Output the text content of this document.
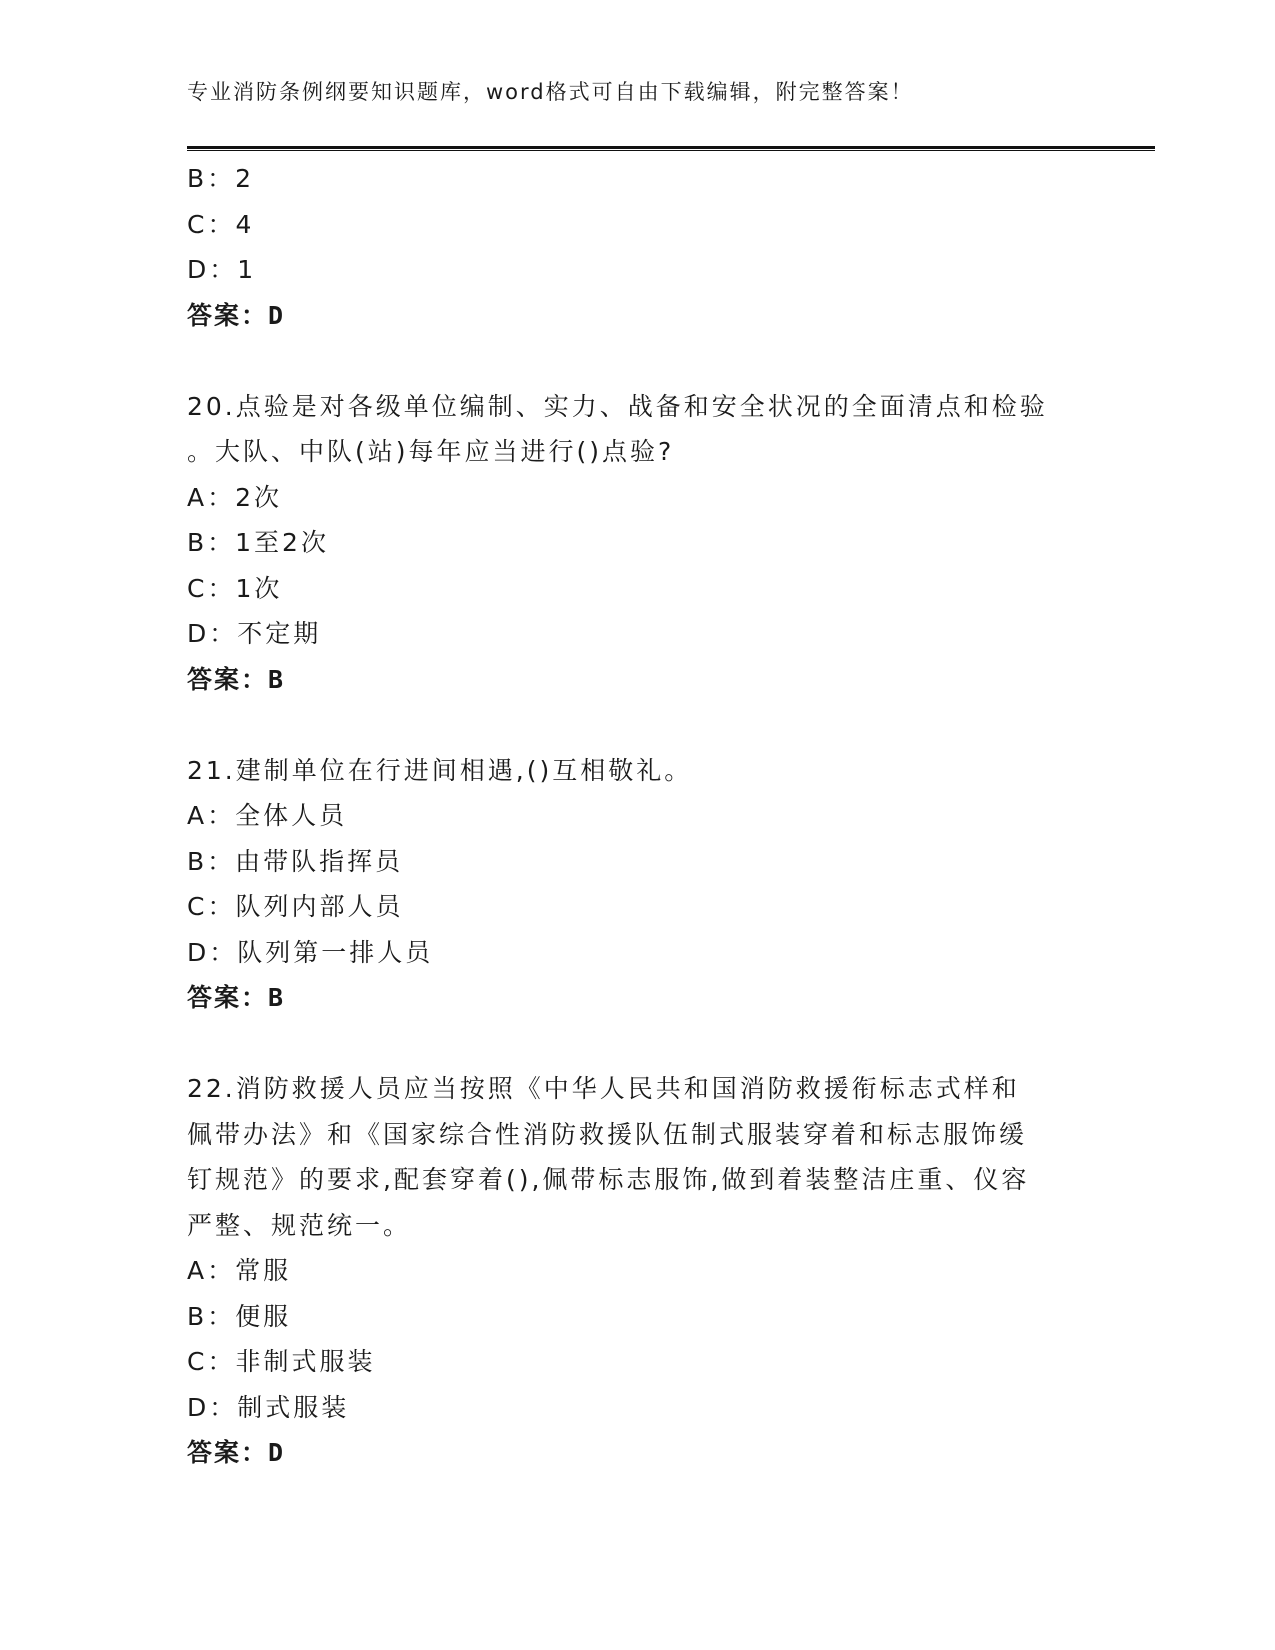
专业消防条例纲要知识题库，word格式可自由下载编辑，附完整答案！
B：2
C：4
D：1
答案：D
20.点验是对各级单位编制、实力、战备和安全状况的全面清点和检验
。大队、中队(站)每年应当进行()点验?
A：2次
B：1至2次
C：1次
D：不定期
答案：B
21.建制单位在行进间相遇,()互相敬礼。
A：全体人员
B：由带队指挥员
C：队列内部人员
D：队列第一排人员
答案：B
22.消防救援人员应当按照《中华人民共和国消防救援衔标志式样和
佩带办法》和《国家综合性消防救援队伍制式服装穿着和标志服饰缓
钉规范》的要求,配套穿着(),佩带标志服饰,做到着装整洁庄重、仪容
严整、规范统一。
A：常服
B：便服
C：非制式服装
D：制式服装
答案：D
